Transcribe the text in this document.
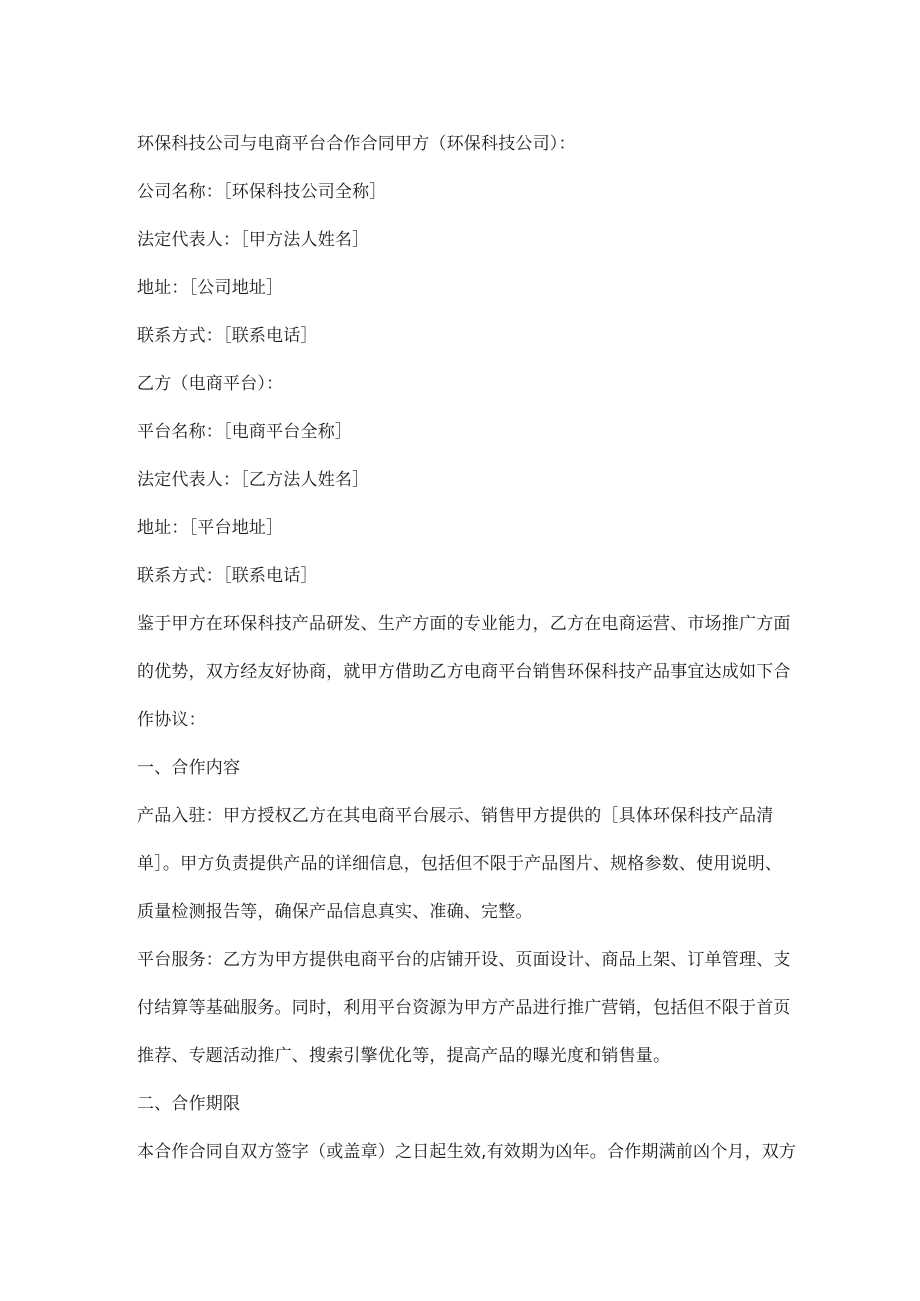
环保科技公司与电商平台合作合同甲方（环保科技公司）：

公司名称：［环保科技公司全称］

法定代表人：［甲方法人姓名］

地址：［公司地址］

联系方式：［联系电话］

乙方（电商平台）：

平台名称：［电商平台全称］

法定代表人：［乙方法人姓名］

地址：［平台地址］

联系方式：［联系电话］

鉴于甲方在环保科技产品研发、生产方面的专业能力，乙方在电商运营、市场推广方面
的优势，双方经友好协商，就甲方借助乙方电商平台销售环保科技产品事宜达成如下合
作协议：

一、合作内容

产品入驻：甲方授权乙方在其电商平台展示、销售甲方提供的［具体环保科技产品清
单］。甲方负责提供产品的详细信息，包括但不限于产品图片、规格参数、使用说明、
质量检测报告等，确保产品信息真实、准确、完整。
平台服务：乙方为甲方提供电商平台的店铺开设、页面设计、商品上架、订单管理、支
付结算等基础服务。同时，利用平台资源为甲方产品进行推广营销，包括但不限于首页
推荐、专题活动推广、搜索引擎优化等，提高产品的曝光度和销售量。

二、合作期限

本合作合同自双方签字（或盖章）之日起生效,有效期为凶年。合作期满前凶个月，双方
